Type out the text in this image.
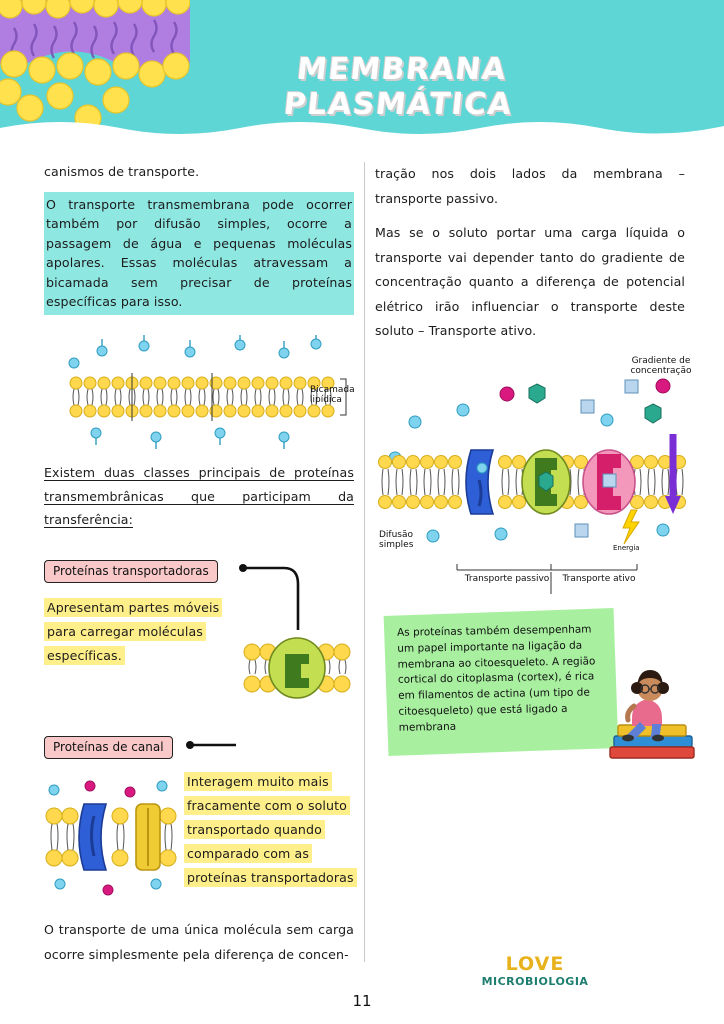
MEMBRANA PLASMÁTICA
canismos de transporte.
O transporte transmembrana pode ocorrer também por difusão simples, ocorre a passagem de água e pequenas moléculas apolares. Essas moléculas atravessam a bicamada sem precisar de proteínas específicas para isso.
Bicamada lipídica
Existem duas classes principais de proteínas transmembrânicas que participam da transferência:
Proteínas transportadoras
Apresentam partes móveis para carregar moléculas específicas.
Proteínas de canal
Interagem muito mais fracamente com o soluto transportado quando comparado com as proteínas transportadoras
O transporte de uma única molécula sem carga ocorre simplesmente pela diferença de concen-
tração nos dois lados da membrana – transporte passivo.
Mas se o soluto portar uma carga líquida o transporte vai depender tanto do gradiente de concentração quanto a diferença de potencial elétrico irão influenciar o transporte deste soluto – Transporte ativo.
Gradiente de concentração
Difusão simples	Energia
Transporte passivo	Transporte ativo

As proteínas também desempenham um papel importante na ligação da membrana ao citoesqueleto. A região cortical do citoplasma (cortex), é rica em filamentos de actina (um tipo de citoesqueleto) que está ligado a membrana

LOVE
MICROBIOLOGIA
11
